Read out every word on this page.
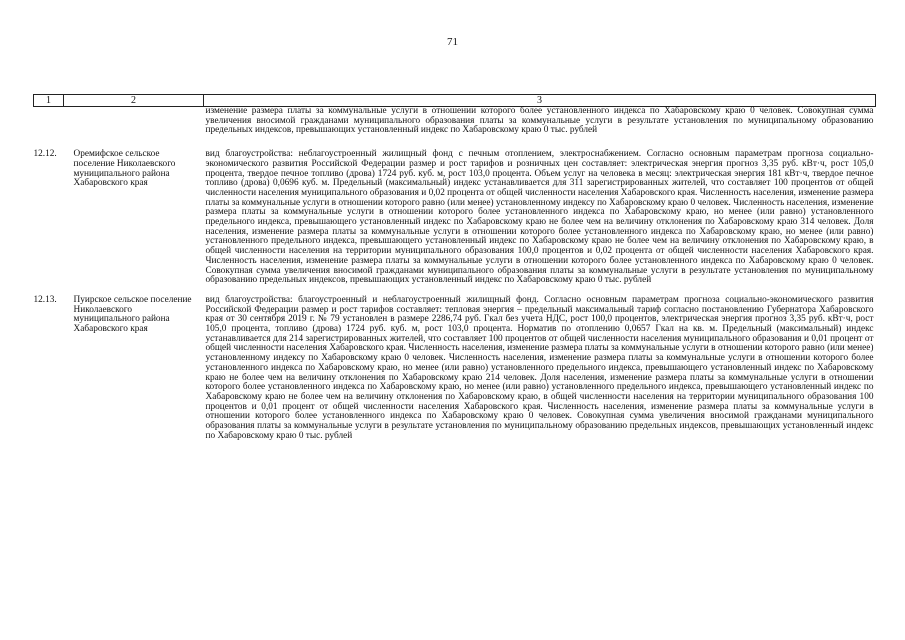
71
1	2	3
		изменение размера платы за коммунальные услуги в отношении которого более установленного индекса по Хабаровскому краю 0 человек. Совокупная сумма увеличения вносимой гражданами муниципального образования платы за коммунальные услуги в результате установления по муниципальному образованию предельных индексов, превышающих установленный индекс по Хабаровскому краю 0 тыс. рублей
12.12.	Оремифское сельское поселение Николаевского муниципального района Хабаровского края	вид благоустройства: неблагоустроенный жилищный фонд с печным отоплением, электроснабжением. Согласно основным параметрам прогноза социально-экономического развития Российской Федерации размер и рост тарифов и розничных цен составляет: электрическая энергия прогноз 3,35 руб. кВт·ч, рост 105,0 процента, твердое печное топливо (дрова) 1724 руб. куб. м, рост 103,0 процента. Объем услуг на человека в месяц: электрическая энергия 181 кВт·ч, твердое печное топливо (дрова) 0,0696 куб. м. Предельный (максимальный) индекс устанавливается для 311 зарегистрированных жителей, что составляет 100 процентов от общей численности населения муниципального образования и 0,02 процента от общей численности населения Хабаровского края. Численность населения, изменение размера платы за коммунальные услуги в отношении которого равно (или менее) установленному индексу по Хабаровскому краю 0 человек. Численность населения, изменение размера платы за коммунальные услуги в отношении которого более установленного индекса по Хабаровскому краю, но менее (или равно) установленного предельного индекса, превышающего установленный индекс по Хабаровскому краю не более чем на величину отклонения по Хабаровскому краю 314 человек. Доля населения, изменение размера платы за коммунальные услуги в отношении которого более установленного индекса по Хабаровскому краю, но менее (или равно) установленного предельного индекса, превышающего установленный индекс по Хабаровскому краю не более чем на величину отклонения по Хабаровскому краю, в общей численности населения на территории муниципального образования 100,0 процентов и 0,02 процента от общей численности населения Хабаровского края. Численность населения, изменение размера платы за коммунальные услуги в отношении которого более установленного индекса по Хабаровскому краю 0 человек. Совокупная сумма увеличения вносимой гражданами муниципального образования платы за коммунальные услуги в результате установления по муниципальному образованию предельных индексов, превышающих установленный индекс по Хабаровскому краю 0 тыс. рублей
12.13.	Пуирское сельское поселение Николаевского муниципального района Хабаровского края	вид благоустройства: благоустроенный и неблагоустроенный жилищный фонд. Согласно основным параметрам прогноза социально-экономического развития Российской Федерации размер и рост тарифов составляет: тепловая энергия – предельный максимальный тариф согласно постановлению Губернатора Хабаровского края от 30 сентября 2019 г. № 79 установлен в размере 2286,74 руб. Гкал без учета НДС, рост 100,0 процентов, электрическая энергия прогноз 3,35 руб. кВт·ч, рост 105,0 процента, топливо (дрова) 1724 руб. куб. м, рост 103,0 процента. Норматив по отоплению 0,0657 Гкал на кв. м. Предельный (максимальный) индекс устанавливается для 214 зарегистрированных жителей, что составляет 100 процентов от общей численности населения муниципального образования и 0,01 процент от общей численности населения Хабаровского края. Численность населения, изменение размера платы за коммунальные услуги в отношении которого равно (или менее) установленному индексу по Хабаровскому краю 0 человек. Численность населения, изменение размера платы за коммунальные услуги в отношении которого более установленного индекса по Хабаровскому краю, но менее (или равно) установленного предельного индекса, превышающего установленный индекс по Хабаровскому краю не более чем на величину отклонения по Хабаровскому краю 214 человек. Доля населения, изменение размера платы за коммунальные услуги в отношении которого более установленного индекса по Хабаровскому краю, но менее (или равно) установленного предельного индекса, превышающего установленный индекс по Хабаровскому краю не более чем на величину отклонения по Хабаровскому краю, в общей численности населения на территории муниципального образования 100 процентов и 0,01 процент от общей численности населения Хабаровского края. Численность населения, изменение размера платы за коммунальные услуги в отношении которого более установленного индекса по Хабаровскому краю 0 человек. Совокупная сумма увеличения вносимой гражданами муниципального образования платы за коммунальные услуги в результате установления по муниципальному образованию предельных индексов, превышающих установленный индекс по Хабаровскому краю 0 тыс. рублей
